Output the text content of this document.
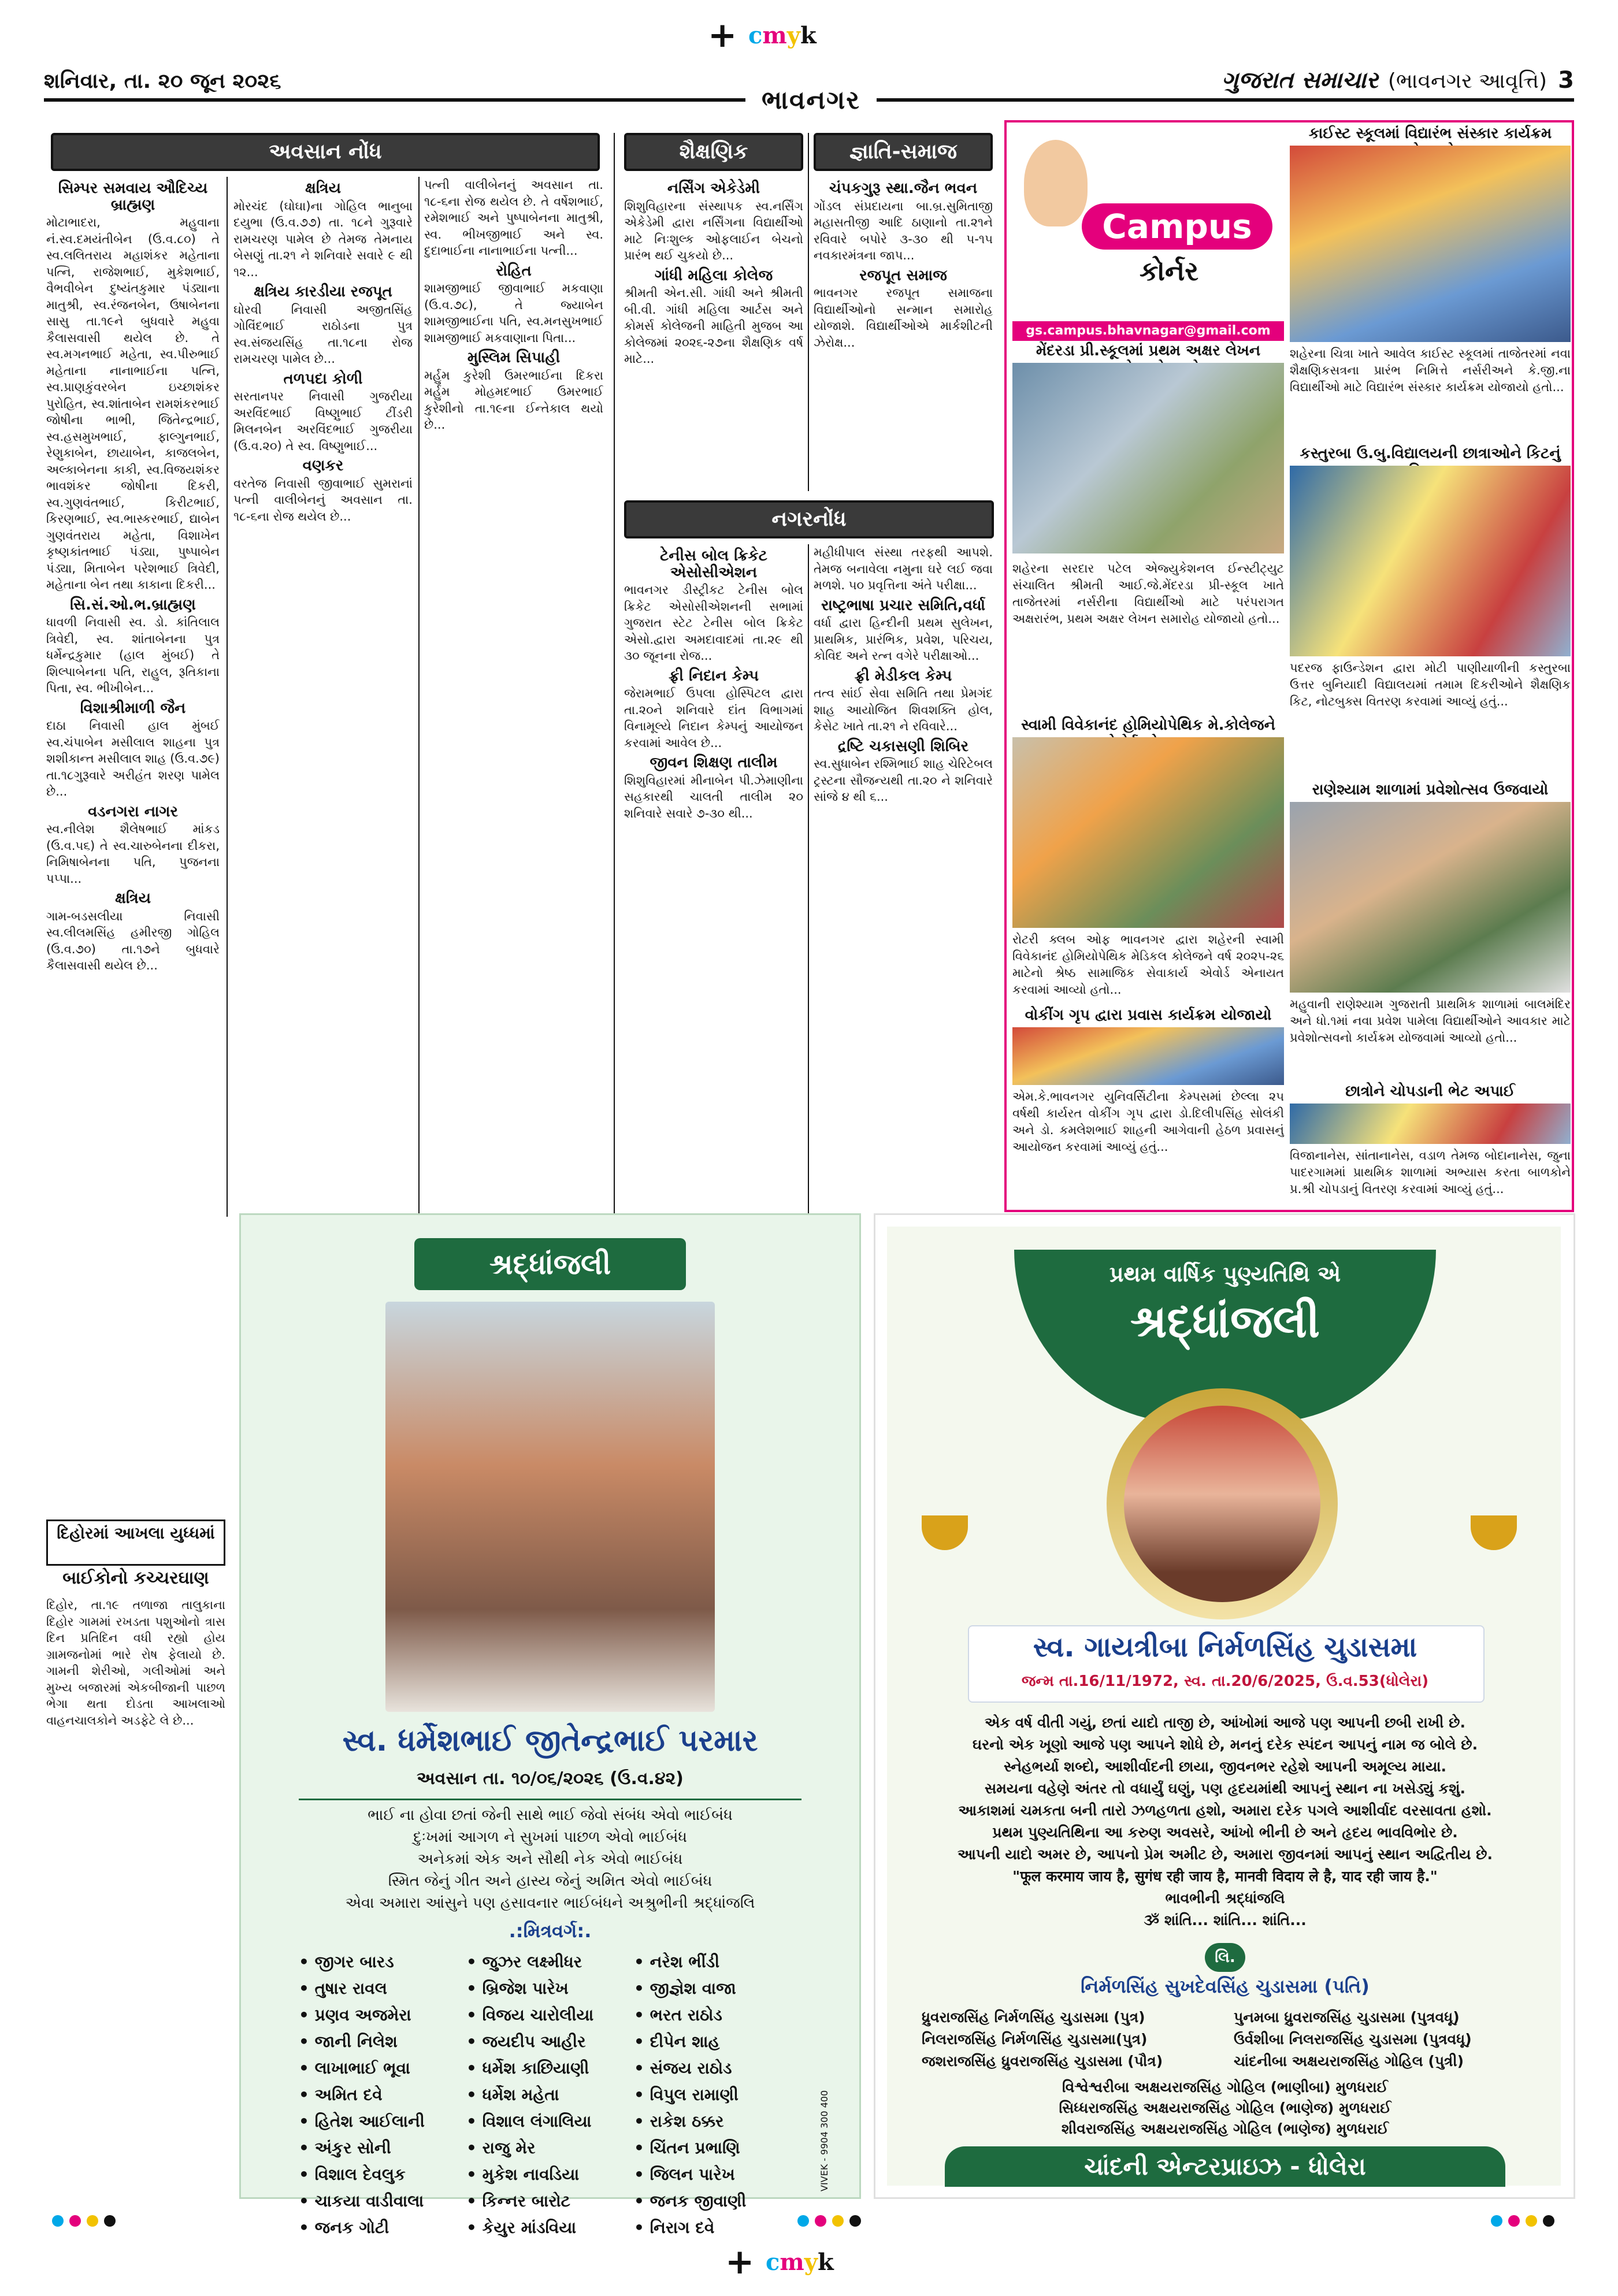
+ cmyk
શનિવાર, તા. ૨૦ જૂન ૨૦૨૬	ગુજરાત સમાચાર (ભાવનગર આવૃત્તિ) 3
ભાવનગર
અવસાન નોંધ	શૈક્ષણિક	જ્ઞાતિ-સમાજ
સિમ્પર સમવાય ઔદિચ્ય બ્રાહ્મણ

મોટાભાદરા, મહુવાના નં.સ્વ.દમયંતીબેન (ઉ.વ.૮૦) તે સ્વ.લલિતરાય મહાશંકર મહેતાના પત્નિ, રાજેશભાઈ, મુકેશભાઈ, વૈભવીબેન દુષ્યંતકુમાર પંડ્યાના માતુશ્રી, સ્વ.રંજનબેન, ઉષાબેનના સાસુ તા.૧૯ને બુધવારે મહુવા કૈલાસવાસી થયેલ છે. તે સ્વ.મગનભાઈ મહેતા, સ્વ.પીરુભાઈ મહેતાના નાનાભાઈના પત્નિ, સ્વ.પ્રાણકુંવરબેન ઇચ્છાશંકર પુરોહિત, સ્વ.શાંતાબેન રામશંકરભાઈ જોષીના ભાભી, જિતેન્દ્રભાઈ, સ્વ.હસમુખભાઈ, ફાલ્ગુનભાઈ, રેણુકાબેન, છાયાબેન, કાજલબેન, અલ્કાબેનના કાકી, સ્વ.વિજયશંકર ભાવશંકર જોષીના દિકરી, સ્વ.ગુણવંતભાઈ, કિરીટભાઈ, કિરણભાઈ, સ્વ.ભાસ્કરભાઈ, દ્યાબેન ગુણવંતરાય મહેતા, વિશાખેન કૃષ્ણકાંતભાઈ પંડ્યા, પુષ્પાબેન પંડ્યા, મિતાબેન પરેશભાઈ ત્રિવેદી, મહેતાના બેન તથા કાકાના દિકરી...

સિ.સં.ઓ.ભ.બ્રાહ્મણ

ધાવળી નિવાસી સ્વ. ડો. કાંતિલાલ ત્રિવેદી, સ્વ. શાંતાબેનના પુત્ર ધર્મેન્દ્રકુમાર (હાલ મુંબઈ) તે શિલ્પાબેનના પતિ, રાહુલ, રૂતિકાના પિતા, સ્વ. ભીખીબેન...

વિશાશ્રીમાળી જૈન

દાઠા નિવાસી હાલ મુંબઈ સ્વ.ચંપાબેન મસીલાલ શાહના પુત્ર શશીકાન્ત મસીલાલ શાહ (ઉ.વ.૭૯) તા.૧૮ગુરૂવારે અરીહંત શરણ પામેલ છે...

વડનગરા નાગર

સ્વ.નીલેશ શૈલેષભાઈ માંકડ (ઉ.વ.૫૬) તે સ્વ.ચારુબેનના દીકરા, નિમિષાબેનના પતિ, પુજનના પપ્પા...

ક્ષત્રિય

ગામ-બડસલીયા નિવાસી સ્વ.લીલમસિંહ હમીરજી ગોહિલ (ઉ.વ.૭૦) તા.૧૭ને બુધવારે કૈલાસવાસી થયેલ છે...

ક્ષત્રિય

મોરચંદ (ઘોઘા)ના ગોહિલ ભાનુબા દયુભા (ઉ.વ.૭૭) તા. ૧૮ને ગુરૂવારે રામચરણ પામેલ છે તેમજ તેમનાય બેસણું તા.૨૧ ને શનિવારે સવારે ૯ થી ૧૨...

ક્ષત્રિય કારડીયા રજપૂત

ઘોરવી નિવાસી અજીતસિંહ ગોવિંદભાઈ રાઠોડના પુત્ર સ્વ.સંજયસિંહ તા.૧૮ના રોજ રામચરણ પામેલ છે...

તળપદા કોળી

સરતાનપર નિવાસી ગુજરીયા અરવિંદભાઈ વિષ્ણુભાઈ ટીંડરી મિલનબેન અરવિંદભાઈ ગુજરીયા (ઉ.વ.૨૦) તે સ્વ. વિષ્ણુભાઈ...

વણકર

વરતેજ નિવાસી જીવાભાઈ સુમરાનાં પત્ની વાલીબેનનું અવસાન તા. ૧૮-૬ના રોજ થયેલ છે...

પત્ની વાલીબેનનું અવસાન તા. ૧૮-૬ના રોજ થયેલ છે. તે વર્ષેશભાઈ, રમેશભાઈ અને પુષ્પાબેનના માતુશ્રી, સ્વ. ભીખજીભાઈ અને સ્વ. દુદાભાઈના નાનાભાઈના પત્ની...

રોહિત

શામજીભાઈ જીવાભાઈ મકવાણા (ઉ.વ.૭૮), તે જ્યાબેન શામજીભાઈના પતિ, સ્વ.મનસુખભાઈ શામજીભાઈ મકવાણાના પિતા...

મુસ્લિમ સિપાહી

મર્હુમ કુરેશી ઉમરભાઈના દિકરા મર્હુમ મોહમદભાઈ ઉમરભાઈ કુરેશીનો તા.૧૯ના ઈન્તેકાલ થયો છે...

નર્સિંગ એકેડેમી

શિશુવિહારના સંસ્થાપક સ્વ.નર્સિંગ એકેડેમી દ્વારા નર્સિંગના વિદ્યાર્થીઓ માટે નિઃશુલ્ક ઓફલાઈન બેચનો પ્રારંભ થઈ ચુકયો છે...

ગાંધી મહિલા કોલેજ

શ્રીમતી એન.સી. ગાંધી અને શ્રીમતી બી.વી. ગાંધી મહિલા આર્ટસ અને કોમર્સ કોલેજની માહિતી મુજબ આ કોલેજમાં ૨૦૨૬-૨૭ના શૈક્ષણિક વર્ષ માટે...

ચંપકગુરૂ સ્થા.જૈન ભવન

ગોંડલ સંપ્રદાયના બા.બ્ર.સુમિતાજી મહાસતીજી આદિ ઠાણાનો તા.૨૧ને રવિવારે બપોરે ૩-૩૦ થી ૫-૧૫ નવકારમંત્રના જાપ...

રજપૂત સમાજ

ભાવનગર રજપૂત સમાજના વિદ્યાર્થીઓનો સન્માન સમારોહ યોજાશે. વિદ્યાર્થીઓએ માર્કશીટની ઝેરોક્ષ...

નગરનોંધ
ટેનીસ બોલ ક્રિકેટ એસોસીએશન

ભાવનગર ડીસ્ટ્રીકટ ટેનીસ બોલ ક્રિકેટ એસોસીએશનની સભામાં ગુજરાત સ્ટેટ ટેનીસ બોલ ક્રિકેટ એસો.દ્વારા અમદાવાદમાં તા.૨૯ થી ૩૦ જૂનના રોજ...

ફ્રી નિદાન કેમ્પ

જેરામભાઈ ઉપલા હોસ્પિટલ દ્વારા તા.૨૦ને શનિવારે દાંત વિભાગમાં વિનામૂલ્યે નિદાન કેમ્પનું આયોજન કરવામાં આવેલ છે...

જીવન શિક્ષણ તાલીમ

શિશુવિહારમાં મીનાબેન પી.ઝેમાણીના સહકારથી ચાલતી તાલીમ ૨૦ શનિવારે સવારે ૭-૩૦ થી...

મહીધીપાલ સંસ્થા તરફથી આપશે. તેમજ બનાવેલા નમુના ઘરે લઈ જવા મળશે. ૫૦ પ્રવૃત્તિના અંતે પરીક્ષા...

રાષ્ટ્રભાષા પ્રચાર સમિતિ,વર્ધા

વર્ધા દ્વારા હિન્દીની પ્રથમ સુલેખન, પ્રાથમિક, પ્રારંભિક, પ્રવેશ, પરિચય, કોવિદ અને રત્ન વગેરે પરીક્ષાઓ...

ફ્રી મેડીકલ કેમ્પ

તત્વ સાંઈ સેવા સમિતિ તથા પ્રેમગંદ શાહ આયોજિત શિવશક્તિ હોલ, કેસેટ ખાતે તા.૨૧ ને રવિવારે...

દ્રષ્ટિ ચકાસણી શિબિર

સ્વ.સુધાબેન રશ્મિભાઈ શાહ ચેરિટેબલ ટ્રસ્ટના સૌજન્યથી તા.૨૦ ને શનિવારે સાંજે ૪ થી ૬...

દિહોરમાં આખલા યુધ્ધમાં
બાઈકોનો કચ્ચરઘાણ

દિહોર, તા.૧૯ તળાજા તાલુકાના દિહોર ગામમાં રખડતા પશુઓનો ત્રાસ દિન પ્રતિદિન વધી રહ્યો હોય ગ્રામજનોમાં ભારે રોષ ફેલાયો છે. ગામની શેરીઓ, ગલીઓમાં અને મુખ્ય બજારમાં એકબીજાની પાછળ ભેગા થતા દોડતા આખલાઓ વાહનચાલકોને અડફેટે લે છે...

Campus
કોર્નર
gs.campus.bhavnagar@gmail.com
કાઈસ્ટ સ્કૂલમાં વિદ્યારંભ સંસ્કાર કાર્યક્રમ
શહેરના ચિત્રા ખાતે આવેલ કાઈસ્ટ સ્કૂલમાં તાજેતરમાં નવા શૈક્ષણિકસત્રના પ્રારંભ નિમિત્તે નર્સરીઅને કે.જી.ના વિદ્યાર્થીઓ માટે વિદ્યારંભ સંસ્કાર કાર્યક્રમ યોજાયો હતો...
મેંદરડા પ્રી.સ્કૂલમાં પ્રથમ અક્ષર લેખન
શહેરના સરદાર પટેલ એજ્યુકેશનલ ઈન્સ્ટીટ્યુટ સંચાલિત શ્રીમતી આઈ.જે.મેંદરડા પ્રી-સ્કૂલ ખાતે તાજેતરમાં નર્સરીના વિદ્યાર્થીઓ માટે પરંપરાગત અક્ષરારંભ, પ્રથમ અક્ષર લેખન સમારોહ યોજાયો હતો...
કસ્તુરબા ઉ.બુ.વિદ્યાલયની છાત્રાઓને કિટનું
પદરજ ફાઉન્ડેશન દ્વારા મોટી પાણીયાળીની કસ્તુરબા ઉત્તર બુનિયાદી વિદ્યાલયમાં તમામ દિકરીઓને શૈક્ષણિક કિટ, નોટબુક્સ વિતરણ કરવામાં આવ્યું હતું...
સ્વામી વિવેકાનંદ હોમિયોપેથિક મે.કોલેજને
રોટરી ક્લબ ઓફ ભાવનગર દ્વારા શહેરની સ્વામી વિવેકાનંદ હોમિયોપેથિક મેડિકલ કોલેજને વર્ષ ૨૦૨૫-૨૬ માટેનો શ્રેષ્ઠ સામાજિક સેવાકાર્ય એવોર્ડ એનાયત કરવામાં આવ્યો હતો...
રાણેશ્યામ શાળામાં પ્રવેશોત્સવ ઉજવાયો
મહુવાની રાણેશ્યામ ગુજરાતી પ્રાથમિક શાળામાં બાલમંદિર અને ધો.૧માં નવા પ્રવેશ પામેલા વિદ્યાર્થીઓને આવકાર માટે પ્રવેશોત્સવનો કાર્યક્રમ યોજવામાં આવ્યો હતો...
વોકીંગ ગૃપ દ્વારા પ્રવાસ કાર્યક્રમ યોજાયો
એમ.કે.ભાવનગર યુનિવર્સિટીના કેમ્પસમાં છેલ્લા ૨૫ વર્ષથી કાર્યરત વોકીંગ ગૃપ દ્વારા ડો.દિલીપસિંહ સોલંકી અને ડો. કમલેશભાઈ શાહની આગેવાની હેઠળ પ્રવાસનું આયોજન કરવામાં આવ્યું હતું...
છાત્રોને ચોપડાની ભેટ અપાઈ
વિજાનાનેસ, સાંતાનાનેસ, વડાળ તેમજ બોદાનાનેસ, જુના પાદરગામમાં પ્રાથમિક શાળામાં અભ્યાસ કરતા બાળકોને પ્ર.શ્રી ચોપડાનું વિતરણ કરવામાં આવ્યું હતું...
શ્રદ્ધાંજલી
સ્વ. ધર્મેશભાઈ જીતેન્દ્રભાઈ પરમાર
અવસાન તા. ૧૦/૦૬/૨૦૨૬ (ઉ.વ.૪૨)
ભાઈ ના હોવા છતાં જેની સાથે ભાઈ જેવો સંબંધ એવો ભાઈબંધ
દુઃખમાં આગળ ને સુખમાં પાછળ એવો ભાઈબંધ
અનેકમાં એક અને સૌથી નેક એવો ભાઈબંધ
સ્મિત જેનું ગીત અને હાસ્ય જેનું અમિત એવો ભાઈબંધ
એવા અમારા આંસુને પણ હસાવનાર ભાઈબંધને અશ્રુભીની શ્રદ્ધાંજલિ
.:મિત્રવર્ગ:.
• જીગર બારડ	• જુઝર લક્ષ્મીધર	• નરેશ ભીંડી
• તુષાર રાવલ	• બ્રિજેશ પારેખ	• જીજ્ઞેશ વાજા
• પ્રણવ અજમેરા	• વિજય ચારોલીયા	• ભરત રાઠોડ
• જાની નિલેશ	• જયદીપ આહીર	• દીપેન શાહ
• લાખાભાઈ ભૂવા	• ધર્મેશ કાછિયાણી	• સંજય રાઠોડ
• અમિત દવે	• ધર્મેશ મહેતા	• વિપુલ રામાણી
• હિતેશ આઈલાની	• વિશાલ લંગાલિયા	• રાકેશ ઠક્કર
• અંકુર સોની	• રાજુ મેર	• ચિંતન પ્રભાણિ
• વિશાલ દેવલુક	• મુકેશ નાવડિયા	• જિલન પારેખ
• ચાકયા વાડીવાલા	• કિન્નર બારોટ	• જનક જીવાણી
• જનક ગોટી	• કેયુર માંડવિયા	• નિરાગ દવે
VIVEK - 9904 300 400
પ્રથમ વાર્ષિક પુણ્યતિથિ એ
શ્રદ્ધાંજલી
સ્વ. ગાયત્રીબા નિર્મળસિંહ ચુડાસમા
જન્મ તા.16/11/1972, સ્વ. તા.20/6/2025, ઉ.વ.53(ધોલેરા)
એક વર્ષ વીતી ગયું, છતાં યાદો તાજી છે, આંખોમાં આજે પણ આપની છબી રાખી છે.
ઘરનો એક ખૂણો આજે પણ આપને શોધે છે, મનનું દરેક સ્પંદન આપનું નામ જ બોલે છે.
સ્નેહભર્યા શબ્દો, આશીર્વાદની છાયા, જીવનભર રહેશે આપની અમૂલ્ય માયા.
સમયના વહેણે અંતર તો વધાર્યું ઘણું, પણ હૃદયમાંથી આપનું સ્થાન ના ખસેડ્યું કશું.
આકાશમાં ચમકતા બની તારો ઝળહળતા હશો, અમારા દરેક પગલે આશીર્વાદ વરસાવતા હશો.
પ્રથમ પુણ્યતિથિના આ કરુણ અવસરે, આંખો ભીની છે અને હૃદય ભાવવિભોર છે.
આપની યાદો અમર છે, આપનો પ્રેમ અમીટ છે, અમારા જીવનમાં આપનું સ્થાન અદ્વિતીય છે.
"फूल करमाय जाय है, सुगंध रही जाय है, मानवी विदाय ले है, याद रही जाय है."
ભાવભીની શ્રદ્ધાંજલિ
ૐ શાંતિ... શાંતિ... શાંતિ...
લિ.
નિર્મળસિંહ સુખદેવસિંહ ચુડાસમા (પતિ)
ધ્રુવરાજસિંહ નિર્મળસિંહ ચુડાસમા (પુત્ર)
નિલરાજસિંહ નિર્મળસિંહ ચુડાસમા(પુત્ર)
જશરાજસિંહ ધ્રુવરાજસિંહ ચુડાસમા (પૌત્ર)
પુનમબા ધ્રુવરાજસિંહ ચુડાસમા (પુત્રવધૂ)
ઉર્વશીબા નિલરાજસિંહ ચુડાસમા (પુત્રવધૂ)
ચાંદનીબા અક્ષયરાજસિંહ ગોહિલ (પુત્રી)
વિશ્વેશ્વરીબા અક્ષયરાજસિંહ ગોહિલ (ભાણીબા) મુળધરાઈ
સિધ્ધરાજસિંહ અક્ષયરાજસિંહ ગોહિલ (ભાણેજ) મુળધરાઈ
શીવરાજસિંહ અક્ષયરાજસિંહ ગોહિલ (ભાણેજ) મુળધરાઈ
ચાંદની એન્ટરપ્રાઇઝ - ધોલેરા
+ cmyk
